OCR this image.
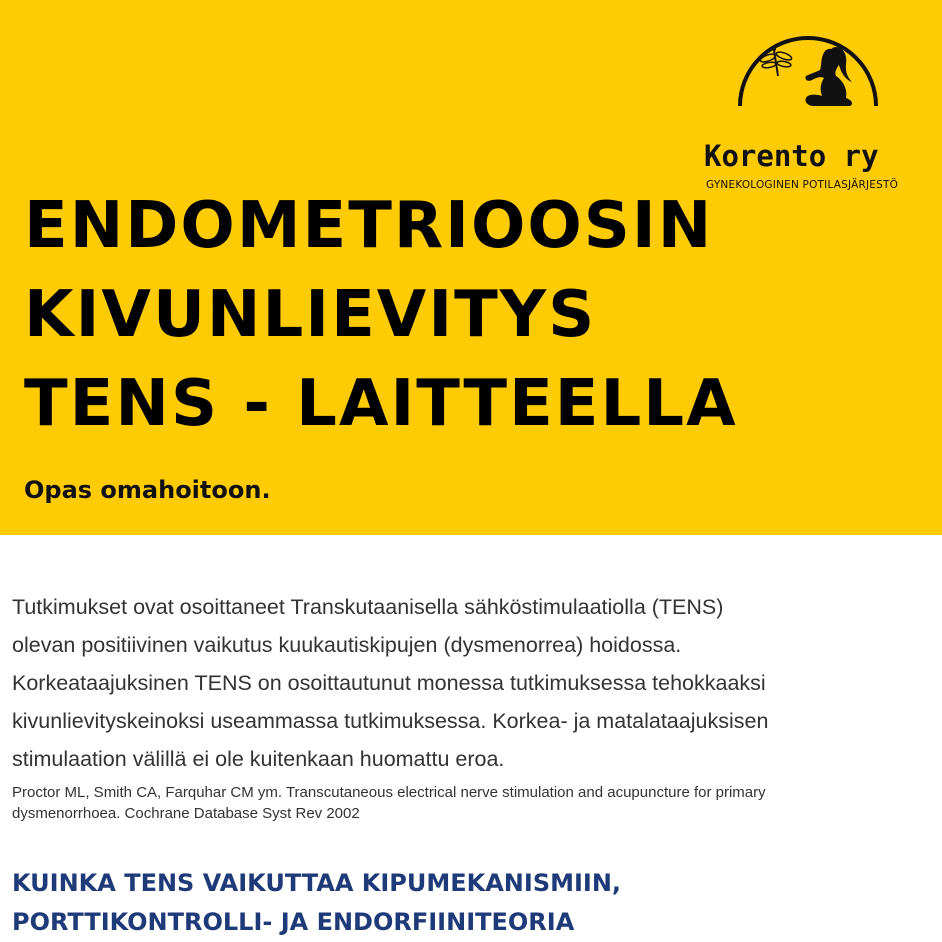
Korento ry
GYNEKOLOGINEN POTILASJÄRJESTÖ
ENDOMETRIOOSIN
KIVUNLIEVITYS
TENS - LAITTEELLA
Opas omahoitoon.

Tutkimukset ovat osoittaneet Transkutaanisella sähköstimulaatiolla (TENS)
olevan positiivinen vaikutus kuukautiskipujen (dysmenorrea) hoidossa.
Korkeataajuksinen TENS on osoittautunut monessa tutkimuksessa tehokkaaksi
kivunlievityskeinoksi useammassa tutkimuksessa. Korkea- ja matalataajuksisen
stimulaation välillä ei ole kuitenkaan huomattu eroa.

Proctor ML, Smith CA, Farquhar CM ym. Transcutaneous electrical nerve stimulation and acupuncture for primary
dysmenorrhoea. Cochrane Database Syst Rev 2002

KUINKA TENS VAIKUTTAA KIPUMEKANISMIIN,
PORTTIKONTROLLI- JA ENDORFIINITEORIA
